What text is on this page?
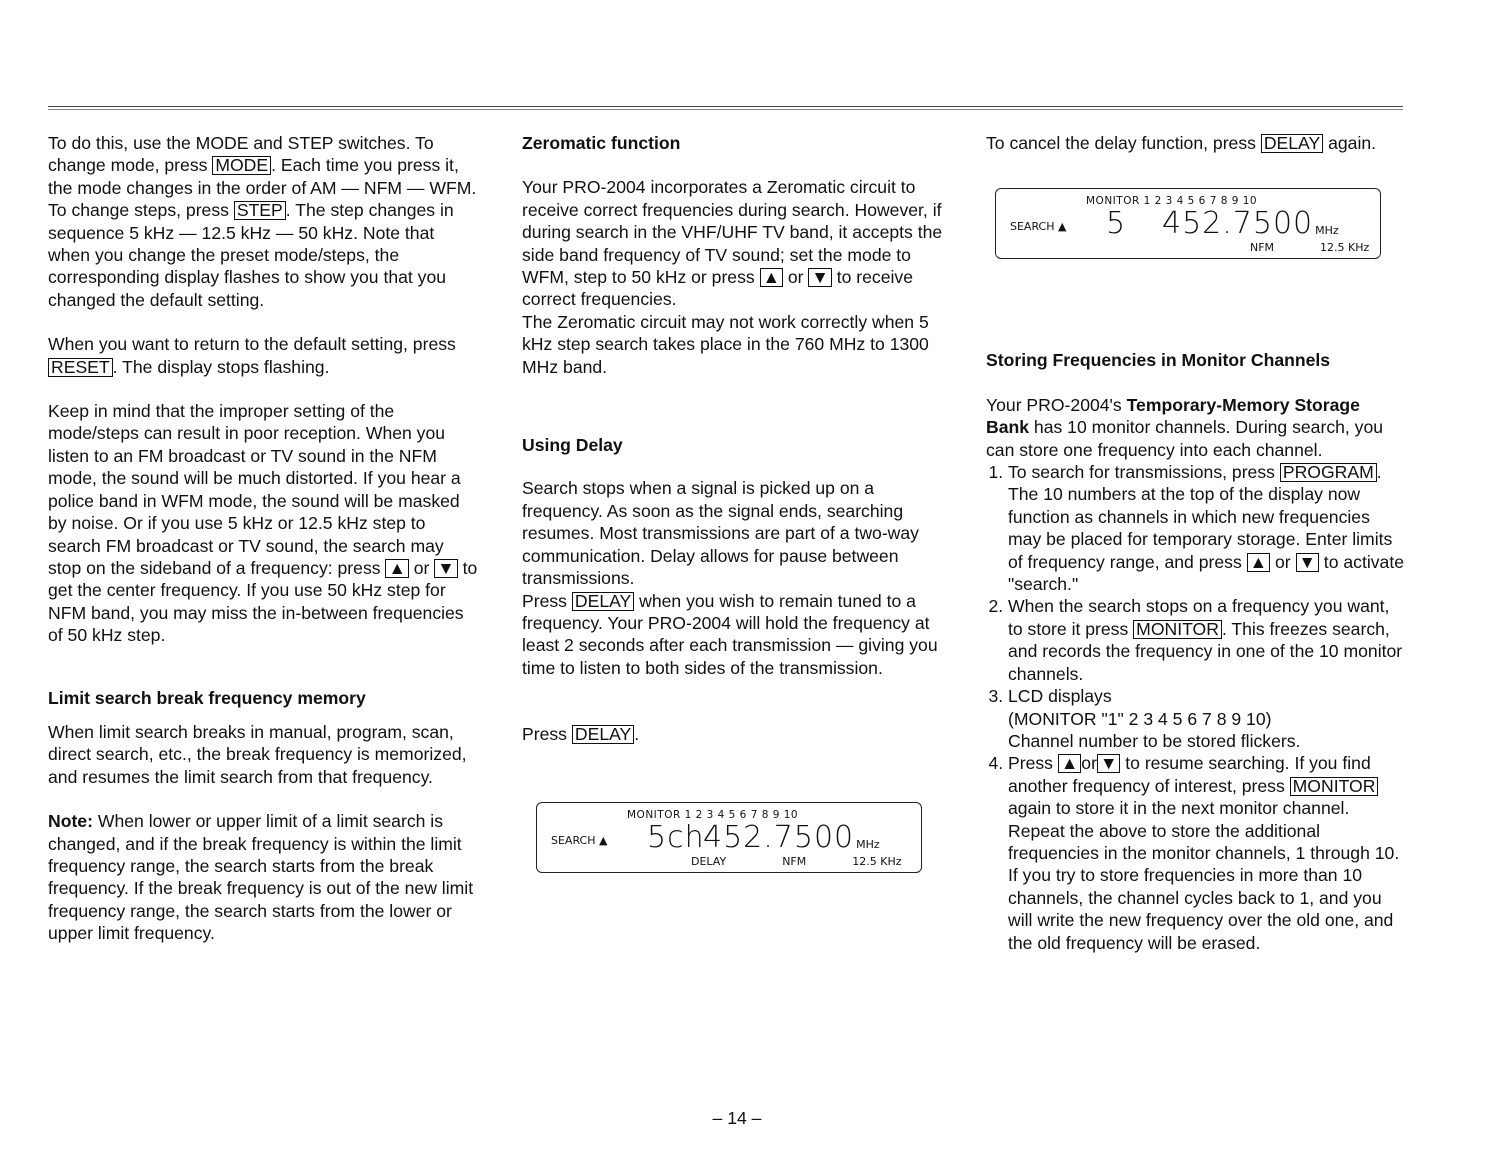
To do this, use the MODE and STEP switches. To change mode, press MODE . Each time you press it, the mode changes in the order of AM — NFM — WFM. To change steps, press STEP . The step changes in sequence 5 kHz — 12.5 kHz — 50 kHz. Note that when you change the preset mode/steps, the corresponding display flashes to show you that you changed the default setting.

When you want to return to the default setting, press RESET . The display stops flashing.

Keep in mind that the improper setting of the mode/steps can result in poor reception. When you listen to an FM broadcast or TV sound in the NFM mode, the sound will be much distorted. If you hear a police band in WFM mode, the sound will be masked by noise. Or if you use 5 kHz or 12.5 kHz step to search FM broadcast or TV sound, the search may stop on the sideband of a frequency: press ▲ or ▼ to get the center frequency. If you use 50 kHz step for NFM band, you may miss the in-between frequencies of 50 kHz step.

Limit search break frequency memory

When limit search breaks in manual, program, scan, direct search, etc., the break frequency is memorized, and resumes the limit search from that frequency.

Note: When lower or upper limit of a limit search is changed, and if the break frequency is within the limit frequency range, the search starts from the break frequency. If the break frequency is out of the new limit frequency range, the search starts from the lower or upper limit frequency.

Zeromatic function

Your PRO-2004 incorporates a Zeromatic circuit to receive correct frequencies during search. However, if during search in the VHF/UHF TV band, it accepts the side band frequency of TV sound; set the mode to WFM, step to 50 kHz or press ▲ or ▼ to receive correct frequencies.
The Zeromatic circuit may not work correctly when 5 kHz step search takes place in the 760 MHz to 1300 MHz band.

Using Delay

Search stops when a signal is picked up on a frequency. As soon as the signal ends, searching resumes. Most transmissions are part of a two-way communication. Delay allows for pause between transmissions.
Press DELAY when you wish to remain tuned to a frequency. Your PRO-2004 will hold the frequency at least 2 seconds after each transmission — giving you time to listen to both sides of the transmission.

Press DELAY .

MONITOR 1 2 3 4 5 6 7 8 9 10
SEARCH ▲	5ch
452.7500 MHz
DELAY	NFM	12.5 KHz

To cancel the delay function, press DELAY again.

MONITOR 1 2 3 4 5 6 7 8 9 10
SEARCH ▲	5	452.7500 MHz
NFM	12.5 KHz
Storing Frequencies in Monitor Channels

Your PRO-2004's Temporary-Memory Storage Bank has 10 monitor channels. During search, you can store one frequency into each channel.

1. To search for transmissions, press PROGRAM . The 10 numbers at the top of the display now function as channels in which new frequencies may be placed for temporary storage. Enter limits of frequency range, and press ▲ or ▼ to activate "search."
2. When the search stops on a frequency you want, to store it press MONITOR . This freezes search, and records the frequency in one of the 10 monitor channels.
3. LCD displays
(MONITOR "1" 2 3 4 5 6 7 8 9 10)
Channel number to be stored flickers.
4. Press ▲ or ▼ to resume searching. If you find another frequency of interest, press MONITOR again to store it in the next monitor channel. Repeat the above to store the additional frequencies in the monitor channels, 1 through 10. If you try to store frequencies in more than 10 channels, the channel cycles back to 1, and you will write the new frequency over the old one, and the old frequency will be erased.
– 14 –
